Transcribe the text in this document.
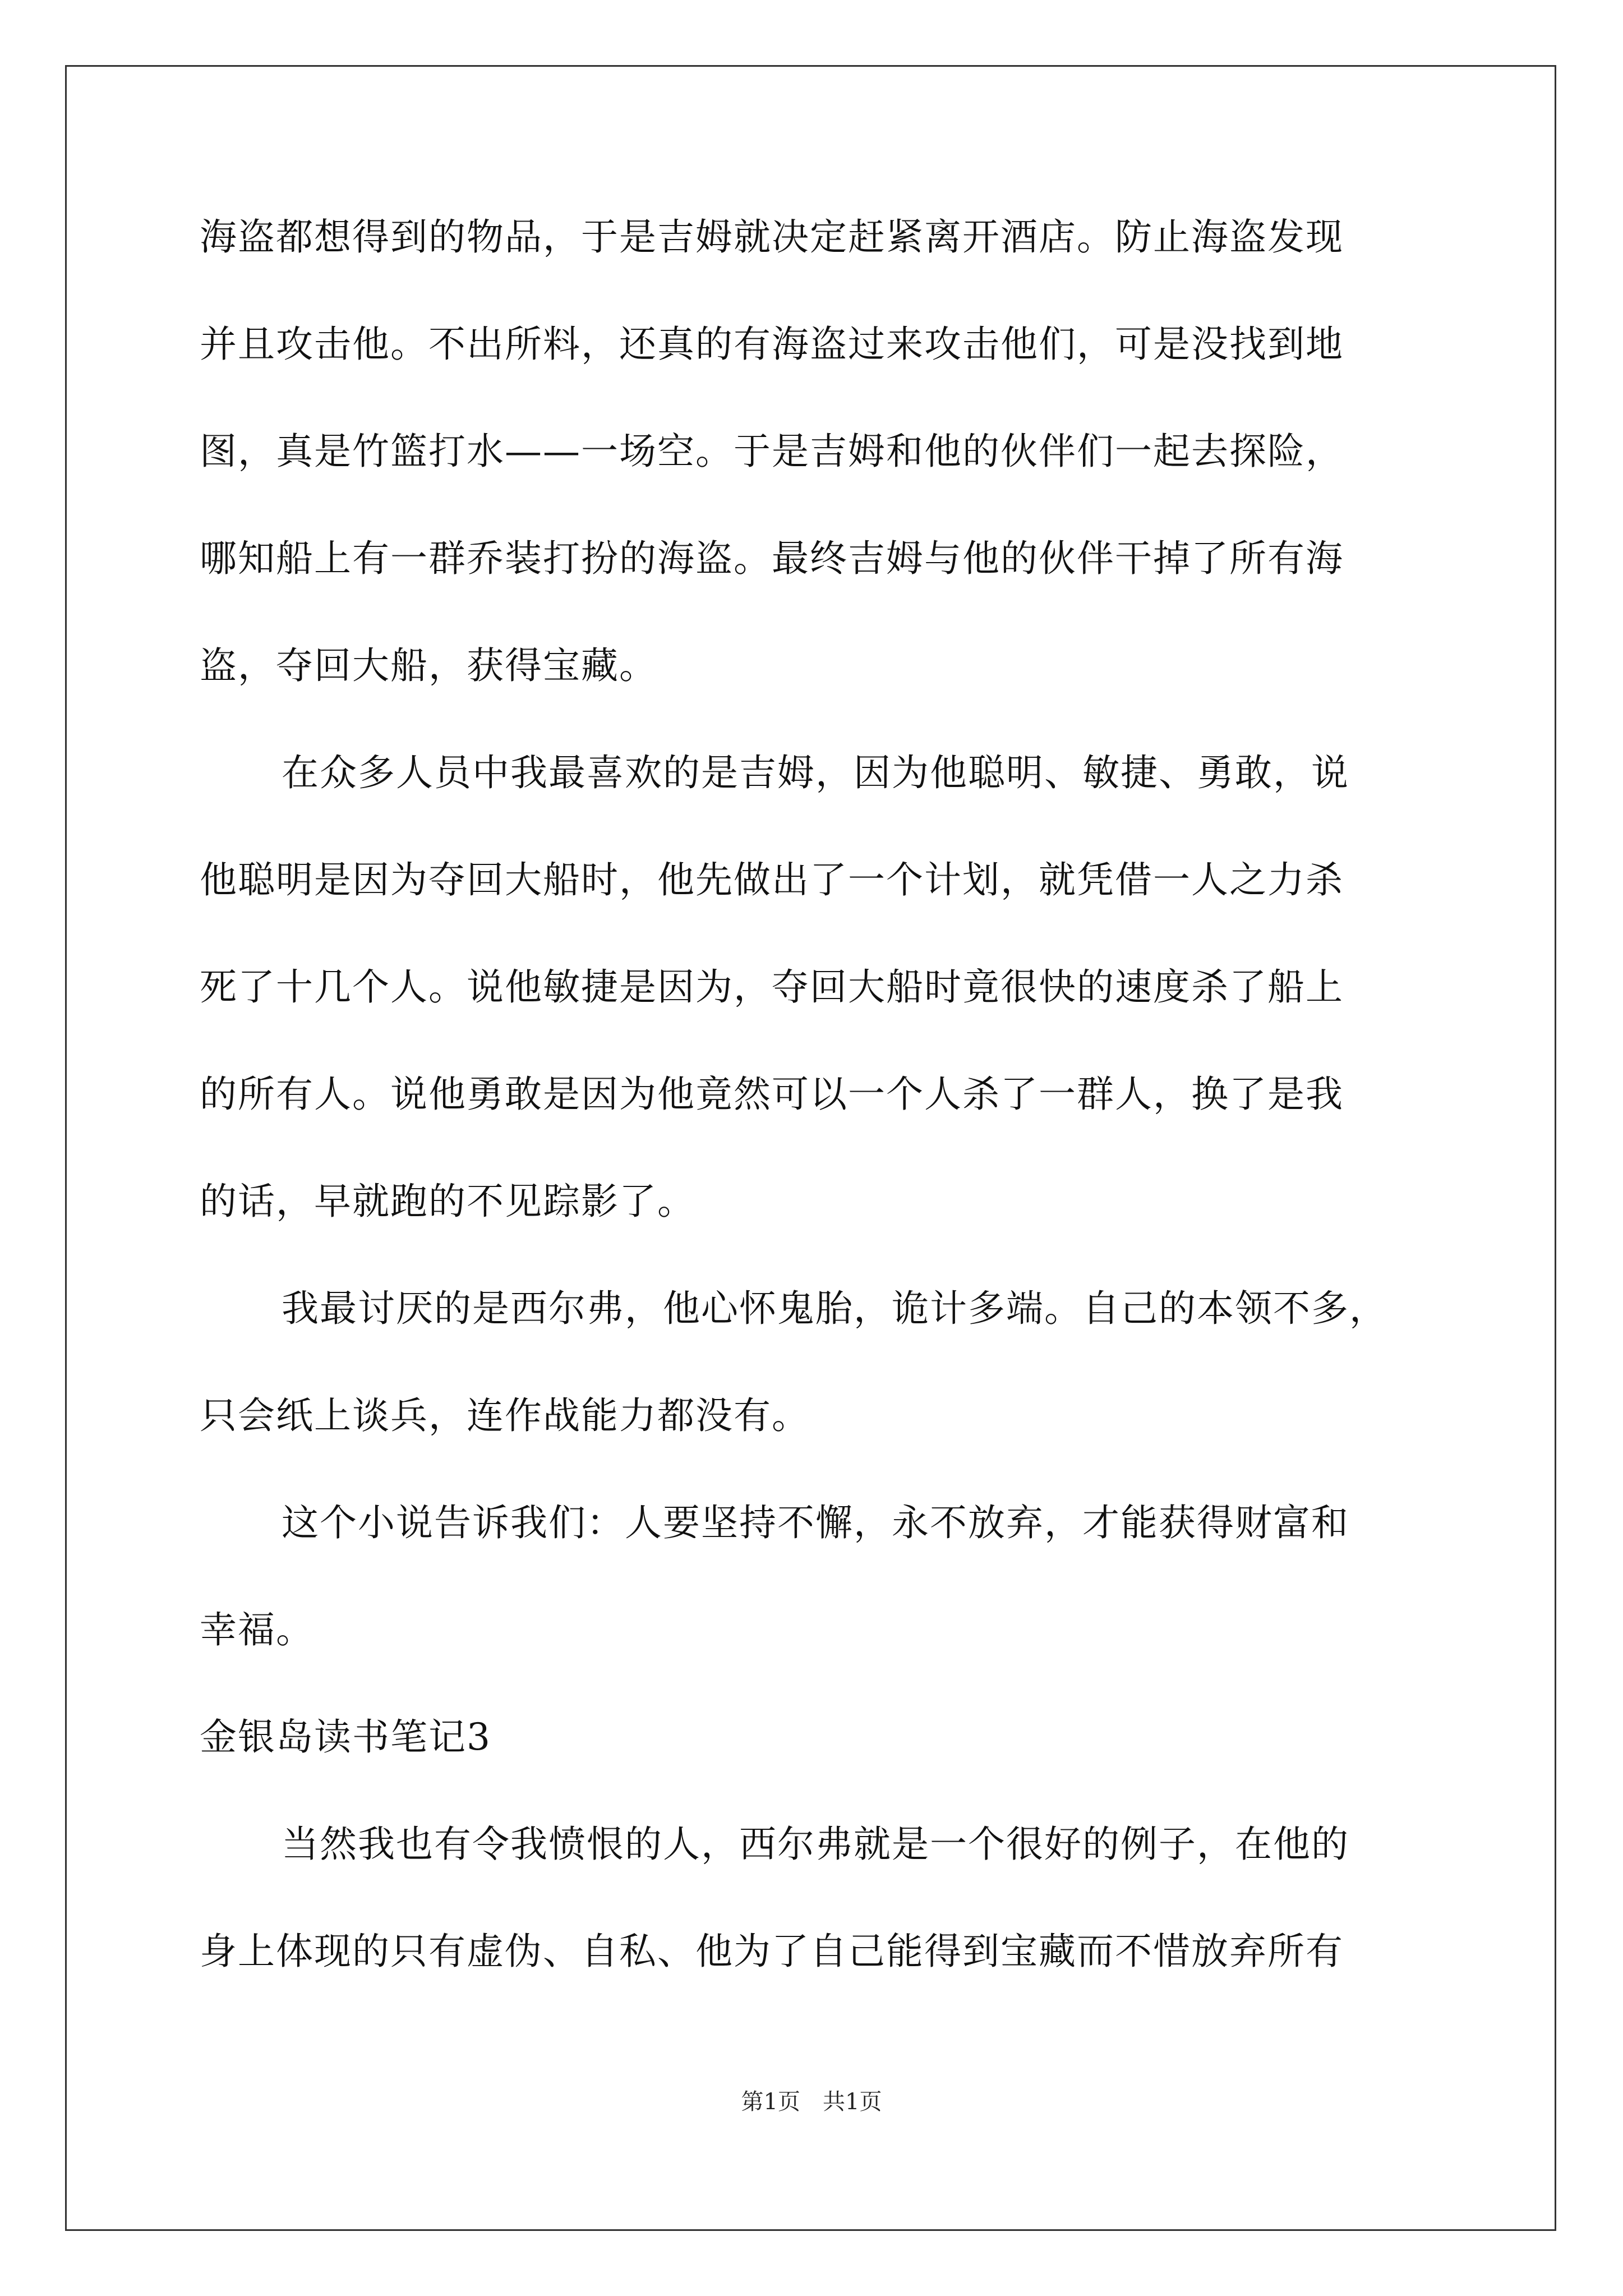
海盗都想得到的物品，于是吉姆就决定赶紧离开酒店。防止海盗发现
并且攻击他。不出所料，还真的有海盗过来攻击他们，可是没找到地
图，真是竹篮打水——一场空。于是吉姆和他的伙伴们一起去探险，
哪知船上有一群乔装打扮的海盗。最终吉姆与他的伙伴干掉了所有海
盗，夺回大船，获得宝藏。
在众多人员中我最喜欢的是吉姆，因为他聪明、敏捷、勇敢，说
他聪明是因为夺回大船时，他先做出了一个计划，就凭借一人之力杀
死了十几个人。说他敏捷是因为，夺回大船时竟很快的速度杀了船上
的所有人。说他勇敢是因为他竟然可以一个人杀了一群人，换了是我
的话，早就跑的不见踪影了。
我最讨厌的是西尔弗，他心怀鬼胎，诡计多端。自己的本领不多，
只会纸上谈兵，连作战能力都没有。
这个小说告诉我们：人要坚持不懈，永不放弃，才能获得财富和
幸福。
金银岛读书笔记3
当然我也有令我愤恨的人，西尔弗就是一个很好的例子，在他的
身上体现的只有虚伪、自私、他为了自己能得到宝藏而不惜放弃所有
第1页 共1页
